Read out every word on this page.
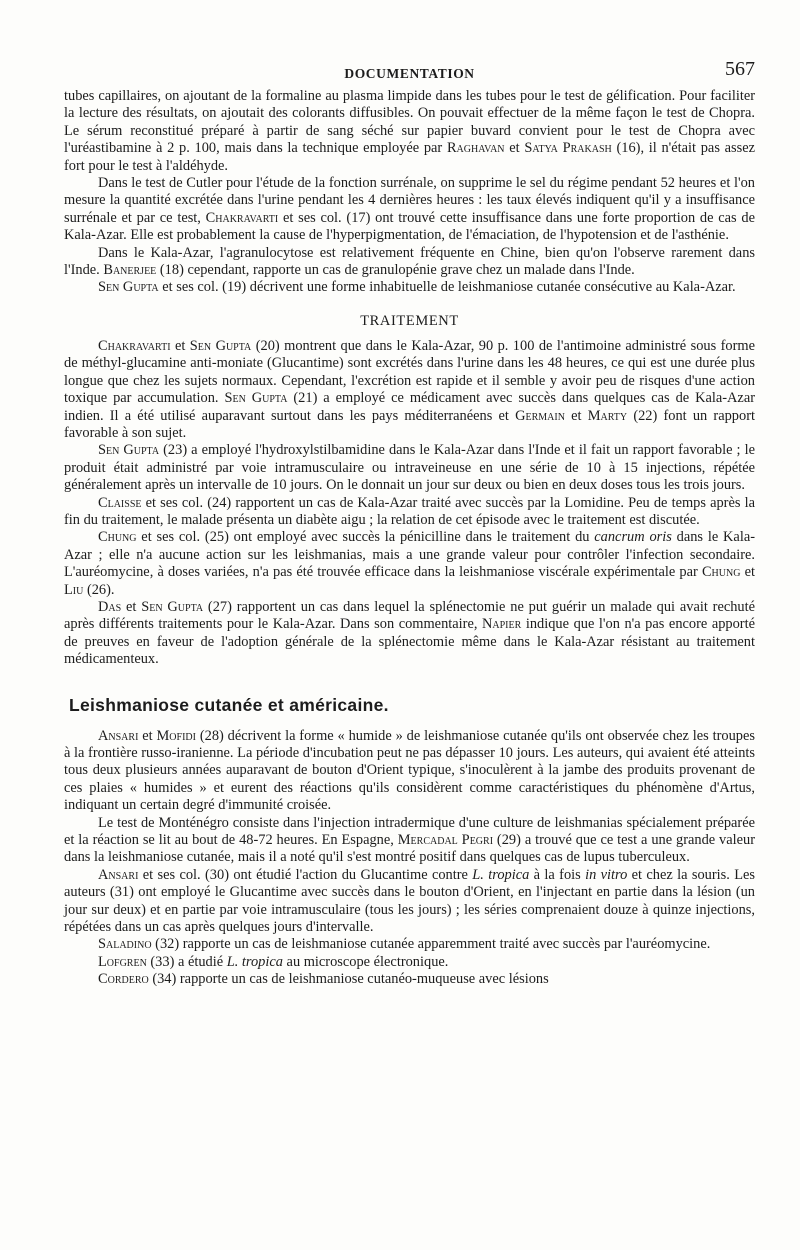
DOCUMENTATION	567

tubes capillaires, on ajoutant de la formaline au plasma limpide dans les tubes pour le test de gélification. Pour faciliter la lecture des résultats, on ajoutait des colorants diffusibles. On pouvait effectuer de la même façon le test de Chopra. Le sérum reconstitué préparé à partir de sang séché sur papier buvard convient pour le test de Chopra avec l'uréastibamine à 2 p. 100, mais dans la technique employée par Raghavan et Satya Prakash (16), il n'était pas assez fort pour le test à l'aldéhyde.

Dans le test de Cutler pour l'étude de la fonction surrénale, on supprime le sel du régime pendant 52 heures et l'on mesure la quantité excrétée dans l'urine pendant les 4 dernières heures : les taux élevés indiquent qu'il y a insuffisance surrénale et par ce test, Chakravarti et ses col. (17) ont trouvé cette insuffisance dans une forte proportion de cas de Kala-Azar. Elle est probablement la cause de l'hyperpigmentation, de l'émaciation, de l'hypotension et de l'asthénie.

Dans le Kala-Azar, l'agranulocytose est relativement fréquente en Chine, bien qu'on l'observe rarement dans l'Inde. Banerjee (18) cependant, rapporte un cas de granulopénie grave chez un malade dans l'Inde.

Sen Gupta et ses col. (19) décrivent une forme inhabituelle de leishmaniose cutanée consécutive au Kala-Azar.

TRAITEMENT

Chakravarti et Sen Gupta (20) montrent que dans le Kala-Azar, 90 p. 100 de l'antimoine administré sous forme de méthyl-glucamine anti-moniate (Glucantime) sont excrétés dans l'urine dans les 48 heures, ce qui est une durée plus longue que chez les sujets normaux. Cependant, l'excrétion est rapide et il semble y avoir peu de risques d'une action toxique par accumulation. Sen Gupta (21) a employé ce médicament avec succès dans quelques cas de Kala-Azar indien. Il a été utilisé auparavant surtout dans les pays méditerranéens et Germain et Marty (22) font un rapport favorable à son sujet.

Sen Gupta (23) a employé l'hydroxylstilbamidine dans le Kala-Azar dans l'Inde et il fait un rapport favorable ; le produit était administré par voie intramusculaire ou intraveineuse en une série de 10 à 15 injections, répétée généralement après un intervalle de 10 jours. On le donnait un jour sur deux ou bien en deux doses tous les trois jours.

Claisse et ses col. (24) rapportent un cas de Kala-Azar traité avec succès par la Lomidine. Peu de temps après la fin du traitement, le malade présenta un diabète aigu ; la relation de cet épisode avec le traitement est discutée.

Chung et ses col. (25) ont employé avec succès la pénicilline dans le traitement du cancrum oris dans le Kala-Azar ; elle n'a aucune action sur les leishmanias, mais a une grande valeur pour contrôler l'infection secondaire. L'auréomycine, à doses variées, n'a pas été trouvée efficace dans la leishmaniose viscérale expérimentale par Chung et Liu (26).

Das et Sen Gupta (27) rapportent un cas dans lequel la splénectomie ne put guérir un malade qui avait rechuté après différents traitements pour le Kala-Azar. Dans son commentaire, Napier indique que l'on n'a pas encore apporté de preuves en faveur de l'adoption générale de la splénectomie même dans le Kala-Azar résistant au traitement médicamenteux.

Leishmaniose cutanée et américaine.

Ansari et Mofidi (28) décrivent la forme « humide » de leishmaniose cutanée qu'ils ont observée chez les troupes à la frontière russo-iranienne. La période d'incubation peut ne pas dépasser 10 jours. Les auteurs, qui avaient été atteints tous deux plusieurs années auparavant de bouton d'Orient typique, s'inoculèrent à la jambe des produits provenant de ces plaies « humides » et eurent des réactions qu'ils considèrent comme caractéristiques du phénomène d'Artus, indiquant un certain degré d'immunité croisée.

Le test de Monténégro consiste dans l'injection intradermique d'une culture de leishmanias spécialement préparée et la réaction se lit au bout de 48-72 heures. En Espagne, Mercadal Pegri (29) a trouvé que ce test a une grande valeur dans la leishmaniose cutanée, mais il a noté qu'il s'est montré positif dans quelques cas de lupus tuberculeux.

Ansari et ses col. (30) ont étudié l'action du Glucantime contre L. tropica à la fois in vitro et chez la souris. Les auteurs (31) ont employé le Glucantime avec succès dans le bouton d'Orient, en l'injectant en partie dans la lésion (un jour sur deux) et en partie par voie intramusculaire (tous les jours) ; les séries comprenaient douze à quinze injections, répétées dans un cas après quelques jours d'intervalle.

Saladino (32) rapporte un cas de leishmaniose cutanée apparemment traité avec succès par l'auréomycine.

Lofgren (33) a étudié L. tropica au microscope électronique.

Cordero (34) rapporte un cas de leishmaniose cutanéo-muqueuse avec lésions
